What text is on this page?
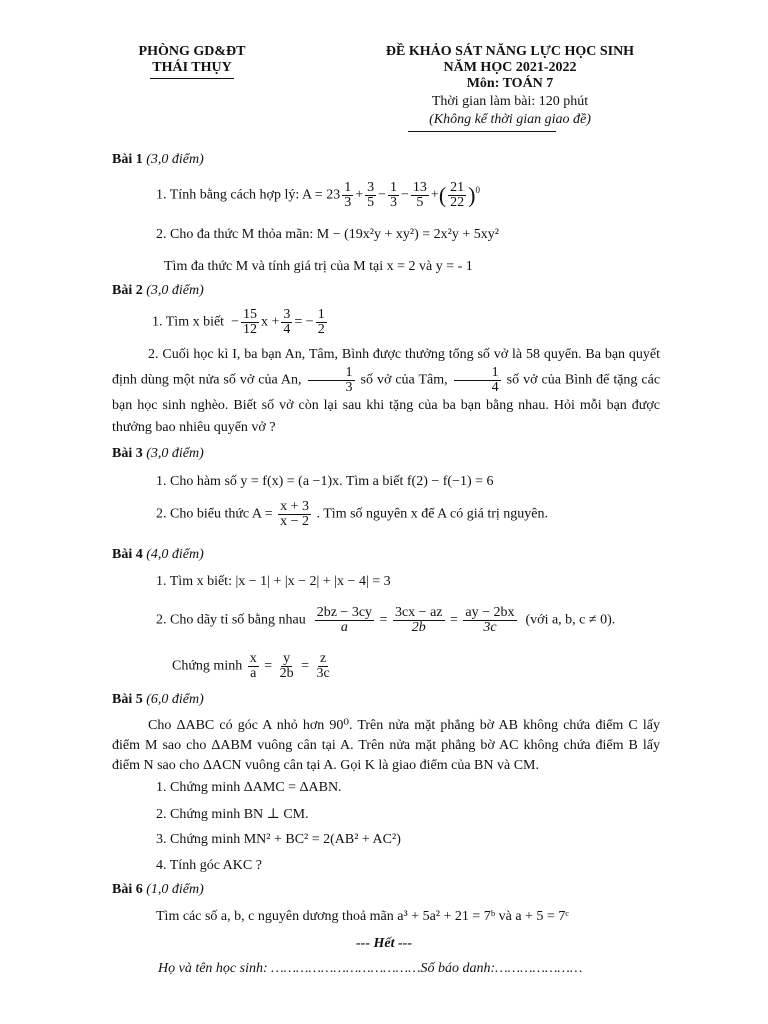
PHÒNG GD&ĐT
THÁI THỤY
ĐỀ KHẢO SÁT NĂNG LỰC HỌC SINH
NĂM HỌC 2021-2022
Môn: TOÁN 7
Thời gian làm bài: 120 phút
(Không kể thời gian giao đề)
Bài 1 (3,0 điểm)
1. Tính bằng cách hợp lý: $A = 23 \frac{1}{3} + \frac{3}{5} - \frac{1}{3} - \frac{13}{5}$ +( $\frac{21}{22} )^0$
2. Cho đa thức M thỏa mãn: M − (19x²y + xy²) = 2x²y + 5xy²
Tìm đa thức M và tính giá trị của M tại x = 2 và y = - 1
Bài 2 (3,0 điểm)
1. Tìm x biết  − $\frac{15}{12}$ $x + \frac{3}{4}$ = − $\frac{1}{2}$
2. Cuối học kì I, ba bạn An, Tâm, Bình được thưởng tổng số vở là 58 quyển. Ba bạn quyết định dùng một nửa số vở của An, $\frac{1}{3}$ số vở của Tâm, $\frac{1}{4}$ số vở của Bình để tặng các bạn học sinh nghèo. Biết số vở còn lại sau khi tặng của ba bạn bằng nhau. Hỏi mỗi bạn được thưởng bao nhiêu quyển vở ?
Bài 3 (3,0 điểm)
1. Cho hàm số y = f(x) = (a −1)x. Tìm a biết f(2) − f(−1) = 6
2. Cho biểu thức $A = \frac{x + 3}{x - 2}$ . Tìm số nguyên x để A có giá trị nguyên.
Bài 4 (4,0 điểm)
1. Tìm x biết: |x − 1| + |x − 2| + |x − 4| = 3
2. Cho dãy tỉ số bằng nhau $\frac{2bz - 3cy}{a} = \frac{3cx - az}{2b} = \frac{ay - 2bx}{3c}$ (với a, b, c ≠ 0).
Chứng minh $\frac{x}{a} = \frac{y}{2b} = \frac{z}{3c}$
Bài 5 (6,0 điểm)
Cho ΔABC có góc A nhỏ hơn 90⁰. Trên nửa mặt phẳng bờ AB không chứa điểm C lấy điểm M sao cho ΔABM vuông cân tại A. Trên nửa mặt phẳng bờ AC không chứa điểm B lấy điểm N sao cho ΔACN vuông cân tại A. Gọi K là giao điểm của BN và CM.
1. Chứng minh ΔAMC = ΔABN.
2. Chứng minh BN ⊥ CM.
3. Chứng minh MN² + BC² = 2(AB² + AC²)
4. Tính góc AKC ?
Bài 6 (1,0 điểm)
Tìm các số a, b, c nguyên dương thoả mãn a³ + 5a² + 21 = 7ᵇ và a + 5 = 7ᶜ
--- Hết ---
Họ và tên học sinh: ………………………………Số báo danh:…………………
